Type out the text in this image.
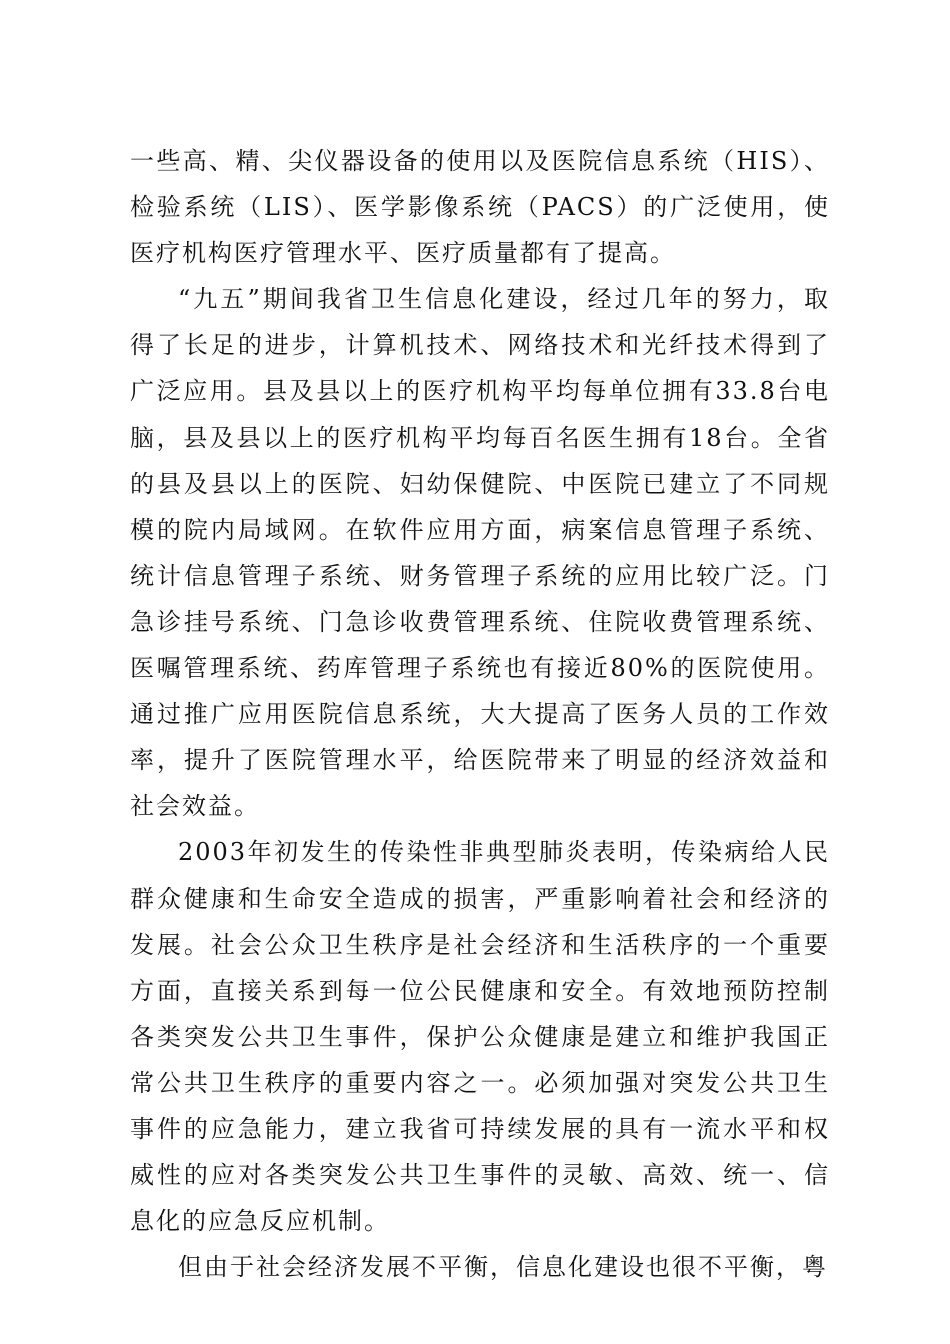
一些高、精、尖仪器设备的使用以及医院信息系统（HIS）、检验系统（LIS）、医学影像系统（PACS）的广泛使用，使医疗机构医疗管理水平、医疗质量都有了提高。

“九五”期间我省卫生信息化建设，经过几年的努力，取得了长足的进步，计算机技术、网络技术和光纤技术得到了广泛应用。县及县以上的医疗机构平均每单位拥有33.8台电脑，县及县以上的医疗机构平均每百名医生拥有18台。全省的县及县以上的医院、妇幼保健院、中医院已建立了不同规模的院内局域网。在软件应用方面，病案信息管理子系统、统计信息管理子系统、财务管理子系统的应用比较广泛。门急诊挂号系统、门急诊收费管理系统、住院收费管理系统、医嘱管理系统、药库管理子系统也有接近80%的医院使用。通过推广应用医院信息系统，大大提高了医务人员的工作效率，提升了医院管理水平，给医院带来了明显的经济效益和社会效益。

2003年初发生的传染性非典型肺炎表明，传染病给人民群众健康和生命安全造成的损害，严重影响着社会和经济的发展。社会公众卫生秩序是社会经济和生活秩序的一个重要方面，直接关系到每一位公民健康和安全。有效地预防控制各类突发公共卫生事件，保护公众健康是建立和维护我国正常公共卫生秩序的重要内容之一。必须加强对突发公共卫生事件的应急能力，建立我省可持续发展的具有一流水平和权威性的应对各类突发公共卫生事件的灵敏、高效、统一、信息化的应急反应机制。

但由于社会经济发展不平衡，信息化建设也很不平衡，粤
